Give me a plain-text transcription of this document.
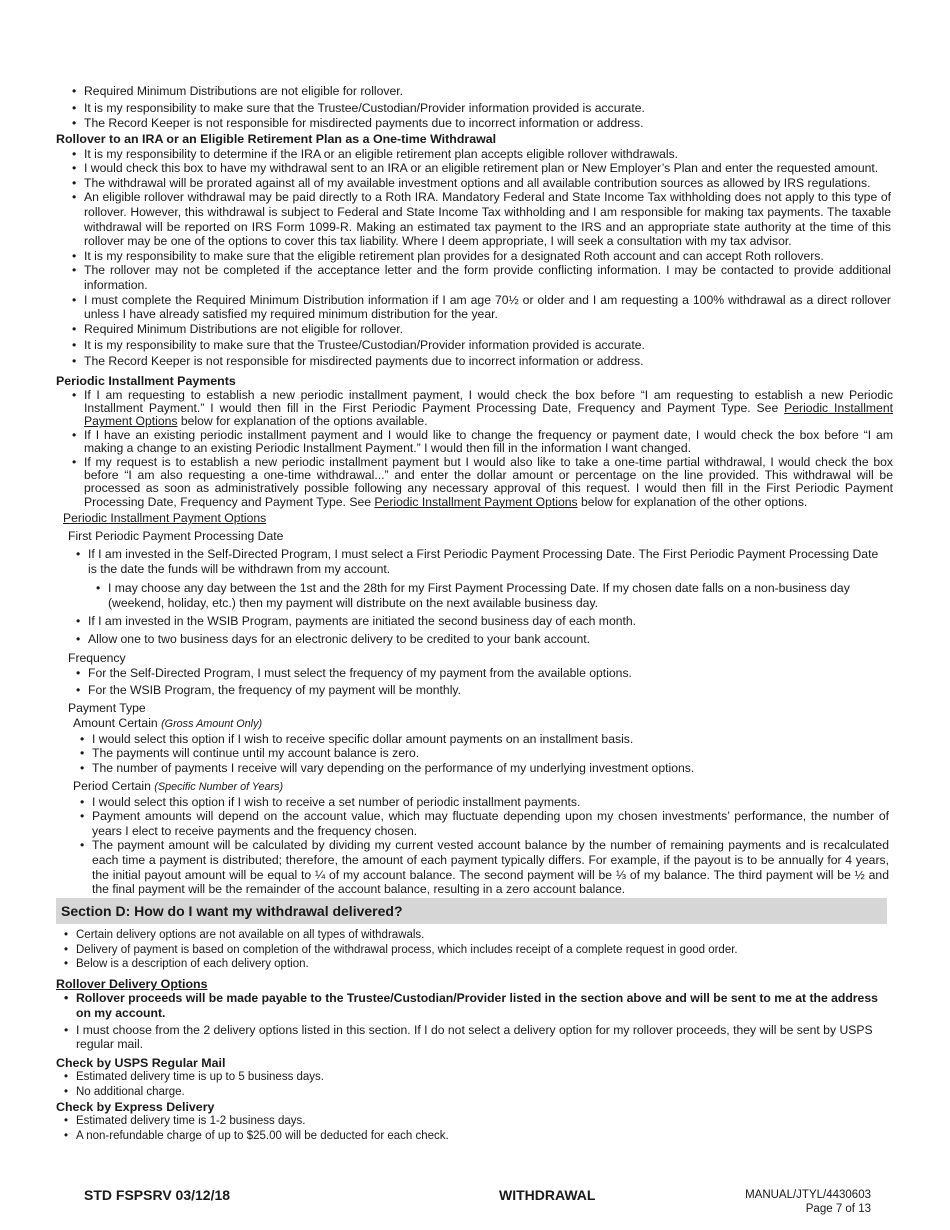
• Required Minimum Distributions are not eligible for rollover.
• It is my responsibility to make sure that the Trustee/Custodian/Provider information provided is accurate.
• The Record Keeper is not responsible for misdirected payments due to incorrect information or address.

Rollover to an IRA or an Eligible Retirement Plan as a One-time Withdrawal

• It is my responsibility to determine if the IRA or an eligible retirement plan accepts eligible rollover withdrawals.
• I would check this box to have my withdrawal sent to an IRA or an eligible retirement plan or New Employer’s Plan and enter the requested amount.
• The withdrawal will be prorated against all of my available investment options and all available contribution sources as allowed by IRS regulations.
• An eligible rollover withdrawal may be paid directly to a Roth IRA. Mandatory Federal and State Income Tax withholding does not apply to this type of rollover. However, this withdrawal is subject to Federal and State Income Tax withholding and I am responsible for making tax payments. The taxable withdrawal will be reported on IRS Form 1099-R. Making an estimated tax payment to the IRS and an appropriate state authority at the time of this rollover may be one of the options to cover this tax liability. Where I deem appropriate, I will seek a consultation with my tax advisor.
• It is my responsibility to make sure that the eligible retirement plan provides for a designated Roth account and can accept Roth rollovers.
• The rollover may not be completed if the acceptance letter and the form provide conflicting information. I may be contacted to provide additional information.
• I must complete the Required Minimum Distribution information if I am age 70½ or older and I am requesting a 100% withdrawal as a direct rollover unless I have already satisfied my required minimum distribution for the year.
• Required Minimum Distributions are not eligible for rollover.
• It is my responsibility to make sure that the Trustee/Custodian/Provider information provided is accurate.
• The Record Keeper is not responsible for misdirected payments due to incorrect information or address.

Periodic Installment Payments

• If I am requesting to establish a new periodic installment payment, I would check the box before “I am requesting to establish a new Periodic Installment Payment.” I would then fill in the First Periodic Payment Processing Date, Frequency and Payment Type. See Periodic Installment Payment Options below for explanation of the options available.
• If I have an existing periodic installment payment and I would like to change the frequency or payment date, I would check the box before “I am making a change to an existing Periodic Installment Payment.” I would then fill in the information I want changed.
• If my request is to establish a new periodic installment payment but I would also like to take a one-time partial withdrawal, I would check the box before “I am also requesting a one-time withdrawal...” and enter the dollar amount or percentage on the line provided. This withdrawal will be processed as soon as administratively possible following any necessary approval of this request. I would then fill in the First Periodic Payment Processing Date, Frequency and Payment Type. See Periodic Installment Payment Options below for explanation of the other options.
Periodic Installment Payment Options
First Periodic Payment Processing Date
• If I am invested in the Self-Directed Program, I must select a First Periodic Payment Processing Date. The First Periodic Payment Processing Date is the date the funds will be withdrawn from my account.
• I may choose any day between the 1st and the 28th for my First Payment Processing Date. If my chosen date falls on a non-business day (weekend, holiday, etc.) then my payment will distribute on the next available business day.
• If I am invested in the WSIB Program, payments are initiated the second business day of each month.
• Allow one to two business days for an electronic delivery to be credited to your bank account.
Frequency
• For the Self-Directed Program, I must select the frequency of my payment from the available options.
• For the WSIB Program, the frequency of my payment will be monthly.
Payment Type
Amount Certain (Gross Amount Only)
• I would select this option if I wish to receive specific dollar amount payments on an installment basis.
• The payments will continue until my account balance is zero.
• The number of payments I receive will vary depending on the performance of my underlying investment options.
Period Certain (Specific Number of Years)
• I would select this option if I wish to receive a set number of periodic installment payments.
• Payment amounts will depend on the account value, which may fluctuate depending upon my chosen investments’ performance, the number of years I elect to receive payments and the frequency chosen.
• The payment amount will be calculated by dividing my current vested account balance by the number of remaining payments and is recalculated each time a payment is distributed; therefore, the amount of each payment typically differs. For example, if the payout is to be annually for 4 years, the initial payout amount will be equal to ¼ of my account balance. The second payment will be ⅓ of my balance. The third payment will be ½ and the final payment will be the remainder of the account balance, resulting in a zero account balance.
Section D: How do I want my withdrawal delivered?
• Certain delivery options are not available on all types of withdrawals.
• Delivery of payment is based on completion of the withdrawal process, which includes receipt of a complete request in good order.
• Below is a description of each delivery option.

Rollover Delivery Options

• Rollover proceeds will be made payable to the Trustee/Custodian/Provider listed in the section above and will be sent to me at the address on my account.
• I must choose from the 2 delivery options listed in this section. If I do not select a delivery option for my rollover proceeds, they will be sent by USPS regular mail.

Check by USPS Regular Mail

• Estimated delivery time is up to 5 business days.
• No additional charge.

Check by Express Delivery

• Estimated delivery time is 1-2 business days.
• A non-refundable charge of up to $25.00 will be deducted for each check.
STD FSPSRV 03/12/18	WITHDRAWAL	MANUAL/JTYL/4430603
Page 7 of 13
